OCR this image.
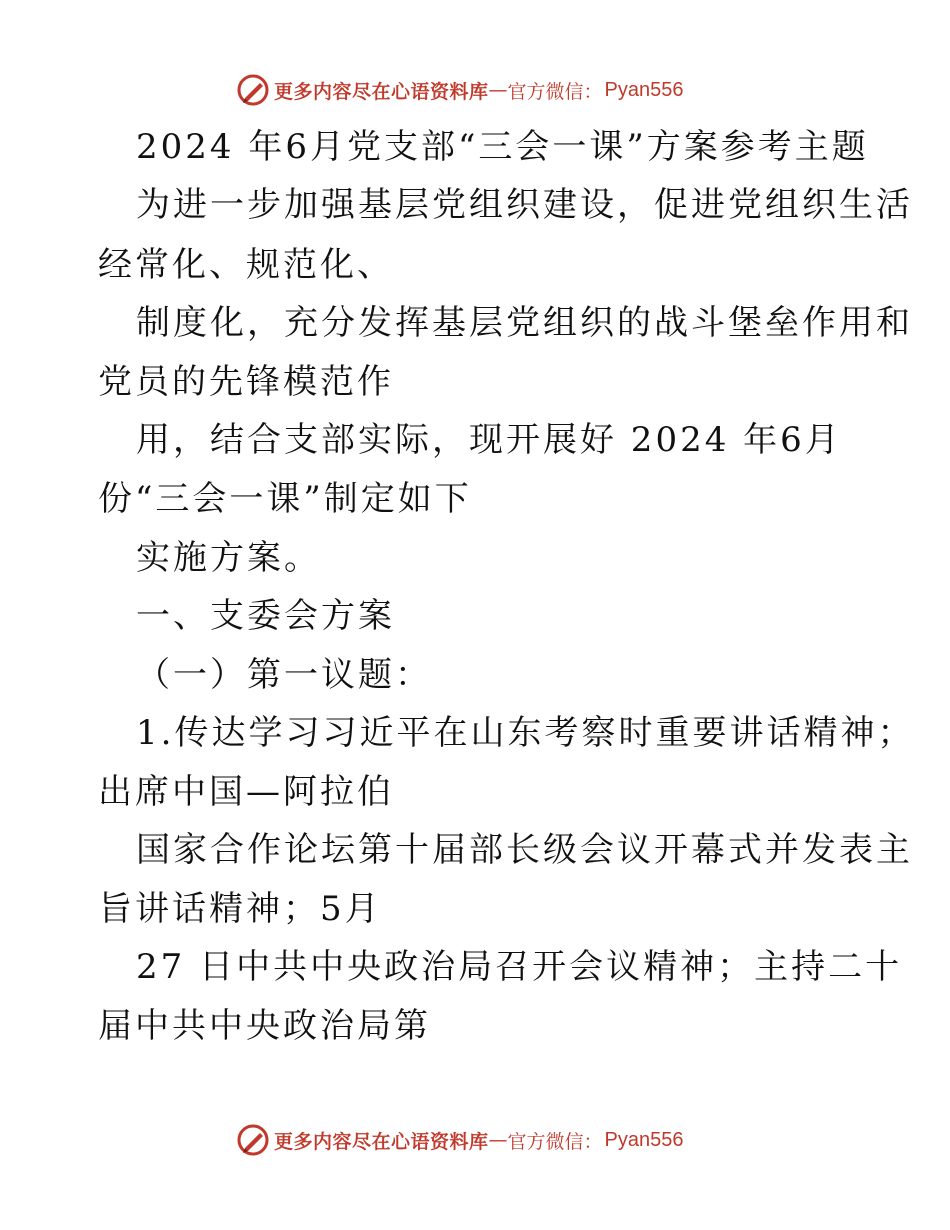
更多内容尽在心语资料库 — 官方微信： Pyan556
2024 年6月党支部“三会一课”方案参考主题
为进一步加强基层党组织建设，促进党组织生活
经常化、规范化、
制度化，充分发挥基层党组织的战斗堡垒作用和
党员的先锋模范作
用，结合支部实际，现开展好 2024 年6月
份“三会一课”制定如下
实施方案。
一、支委会方案
（一）第一议题：
1.传达学习习近平在山东考察时重要讲话精神；
出席中国—阿拉伯
国家合作论坛第十届部长级会议开幕式并发表主
旨讲话精神；5月
27 日中共中央政治局召开会议精神；主持二十
届中共中央政治局第
更多内容尽在心语资料库 — 官方微信： Pyan556
